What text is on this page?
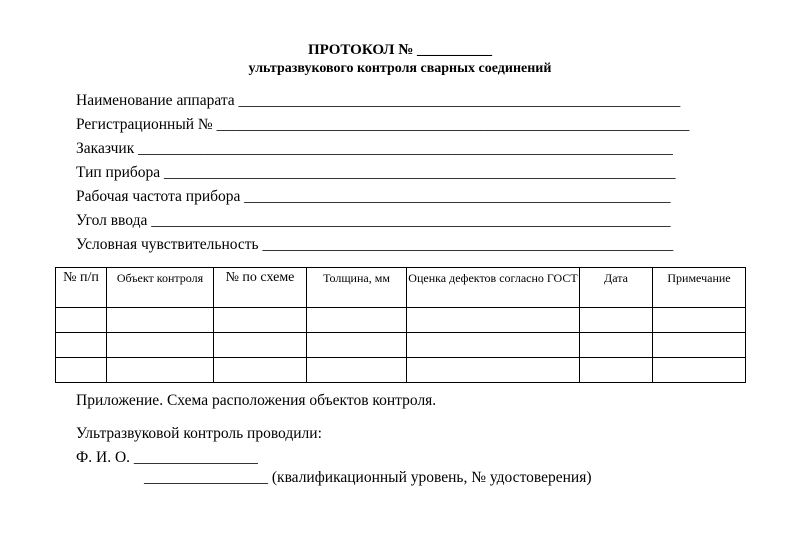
ПРОТОКОЛ № __________
ультразвукового контроля сварных соединений
Наименование аппарата _________________________________________________________
Регистрационный № _____________________________________________________________
Заказчик _____________________________________________________________________
Тип прибора __________________________________________________________________
Рабочая частота прибора _______________________________________________________
Угол ввода ___________________________________________________________________
Условная чувствительность _____________________________________________________
№ п/п	Объект контроля	№ по схеме	Толщина, мм	Оценка дефектов согласно ГОСТ	Дата	Примечание

Приложение. Схема расположения объектов контроля.
Ультразвуковой контроль проводили:
Ф. И. О. ________________
________________ (квалификационный уровень, № удостоверения)
